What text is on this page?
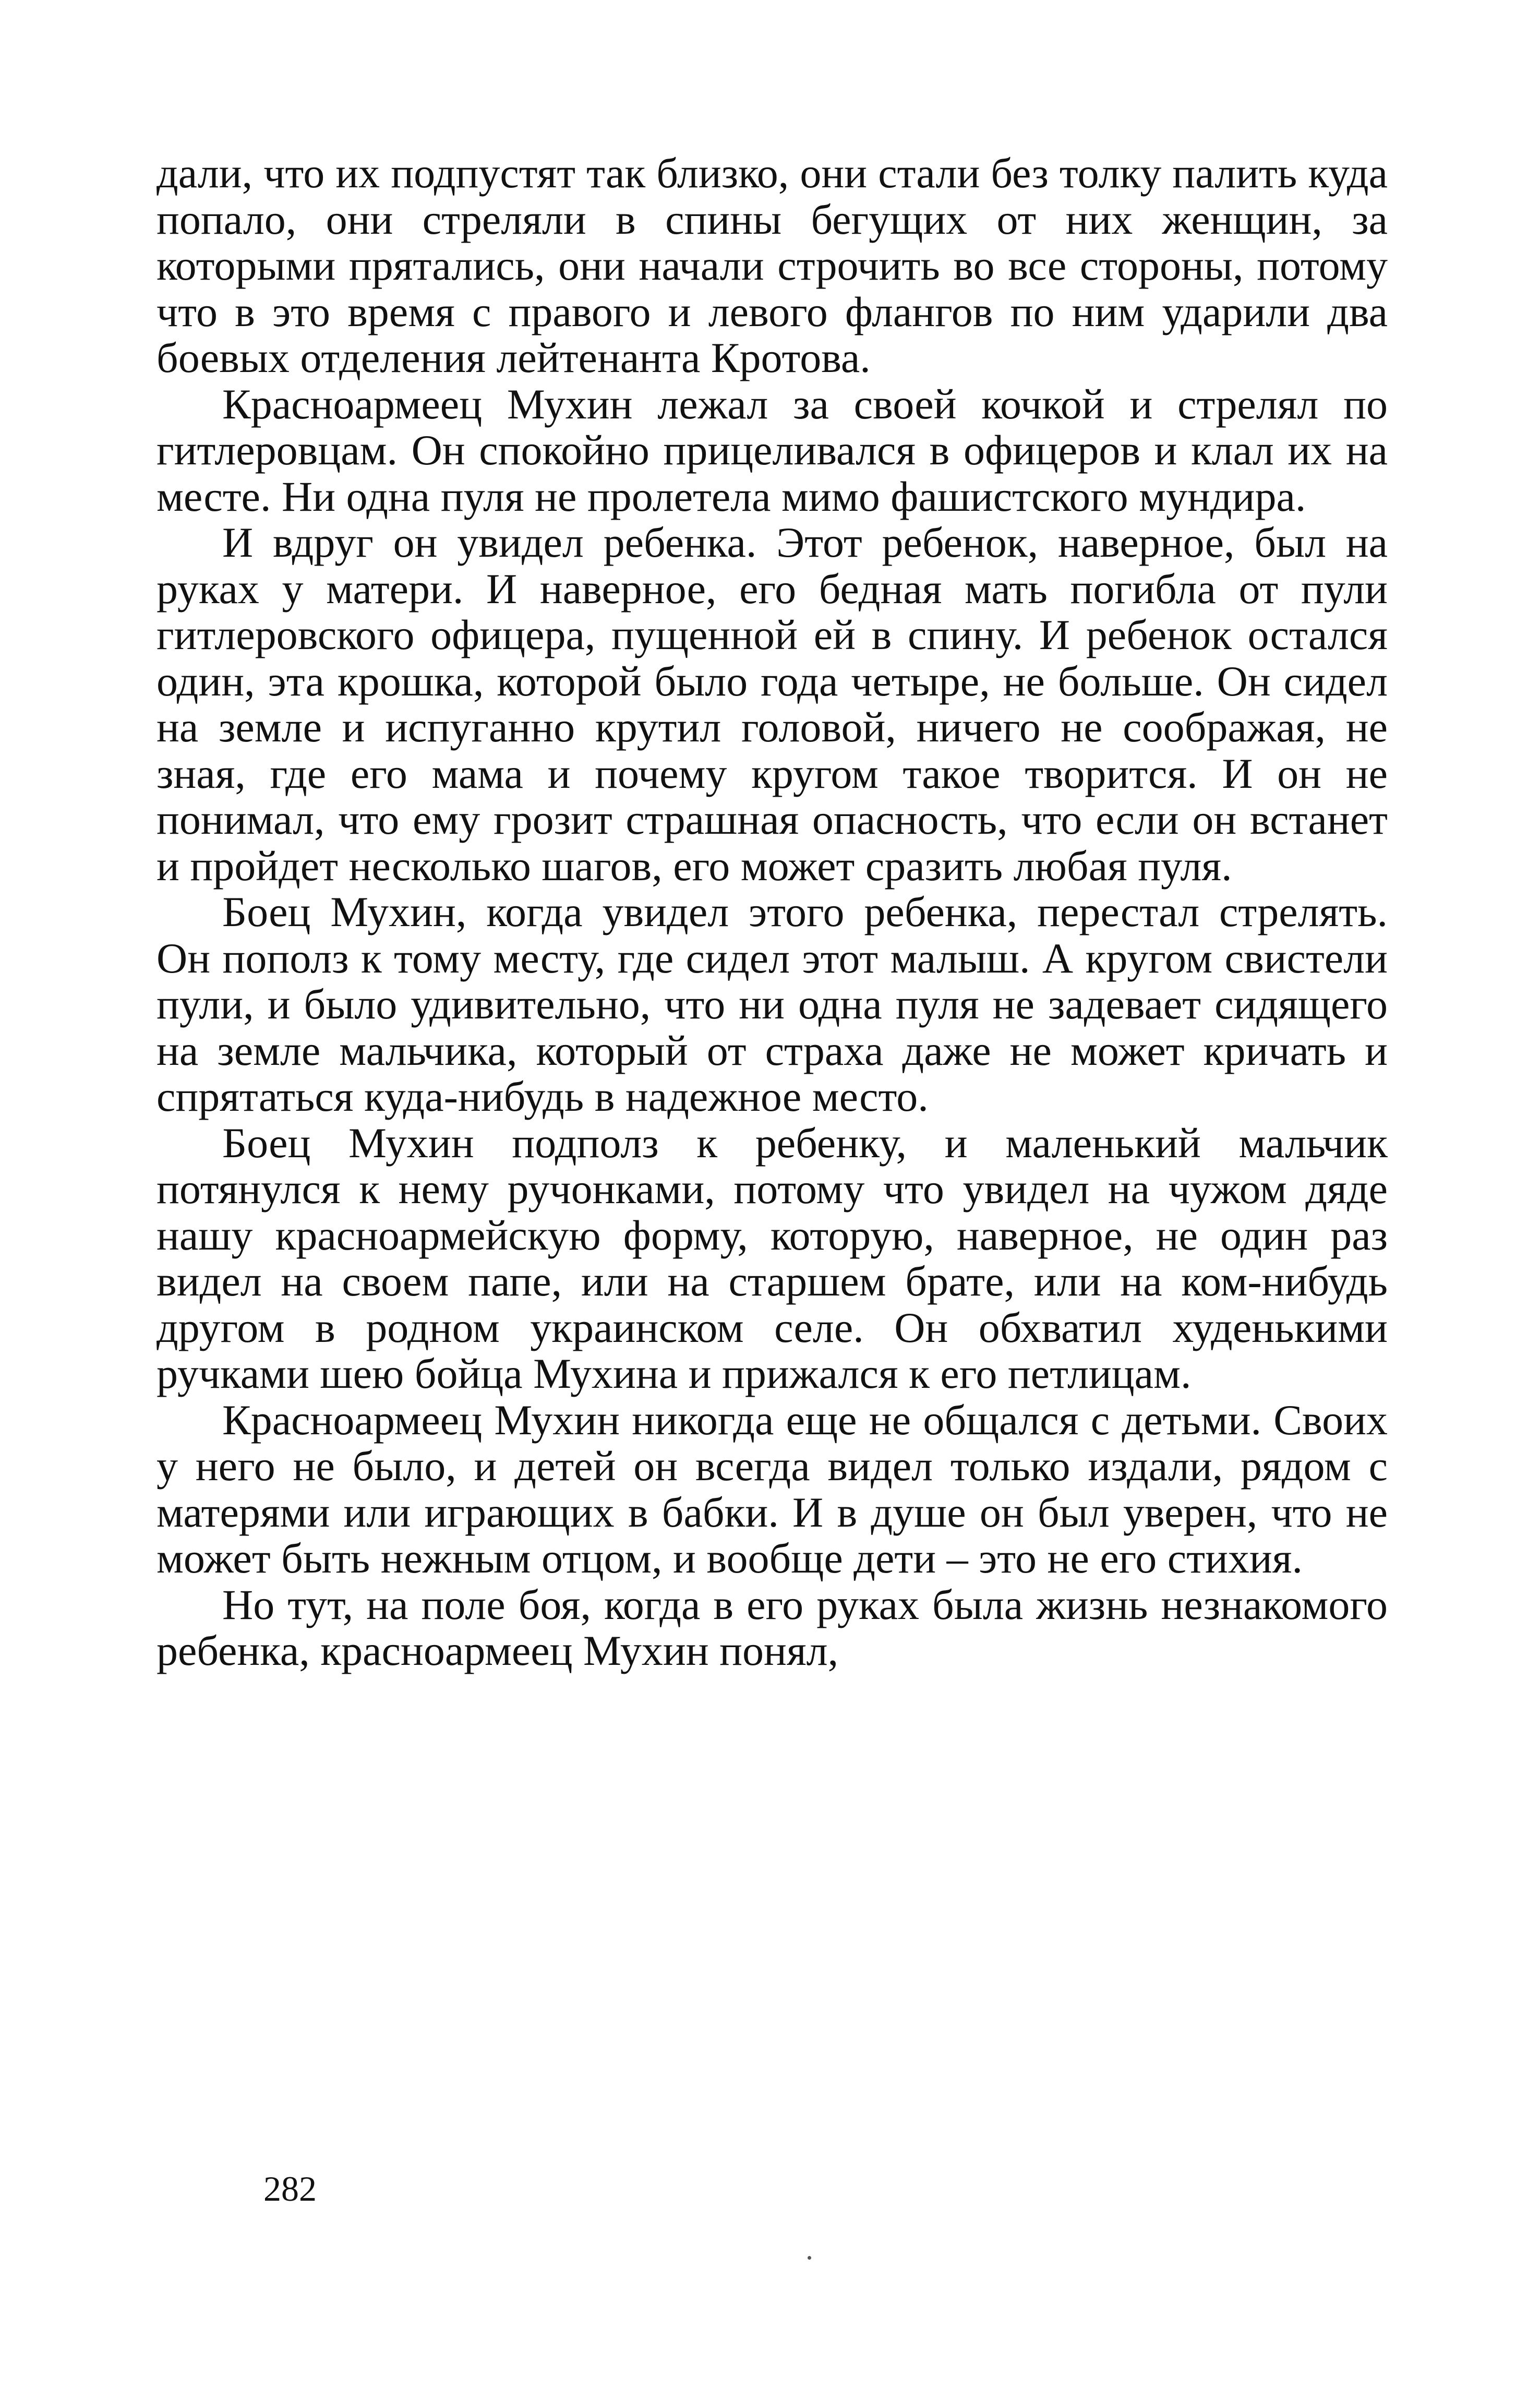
дали, что их подпустят так близко, они стали без толку палить куда попало, они стреляли в спины бегущих от них женщин, за которыми прятались, они начали строчить во все стороны, потому что в это время с правого и левого флангов по ним ударили два боевых отделения лейтенанта Кротова.

Красноармеец Мухин лежал за своей кочкой и стрелял по гитлеровцам. Он спокойно прицеливался в офицеров и клал их на месте. Ни одна пуля не пролетела мимо фашистского мундира.

И вдруг он увидел ребенка. Этот ребенок, наверное, был на руках у матери. И наверное, его бедная мать погибла от пули гитлеровского офицера, пущенной ей в спину. И ребенок остался один, эта крошка, которой было года четыре, не больше. Он сидел на земле и испуганно крутил головой, ничего не соображая, не зная, где его мама и почему кругом такое творится. И он не понимал, что ему грозит страшная опасность, что если он встанет и пройдет несколько шагов, его может сразить любая пуля.

Боец Мухин, когда увидел этого ребенка, перестал стрелять. Он пополз к тому месту, где сидел этот малыш. А кругом свистели пули, и было удивительно, что ни одна пуля не задевает сидящего на земле мальчика, который от страха даже не может кричать и спрятаться куда-нибудь в надежное место.

Боец Мухин подполз к ребенку, и маленький мальчик потянулся к нему ручонками, потому что увидел на чужом дяде нашу красноармейскую форму, которую, наверное, не один раз видел на своем папе, или на старшем брате, или на ком-нибудь другом в родном украинском селе. Он обхватил худенькими ручками шею бойца Мухина и прижался к его петлицам.

Красноармеец Мухин никогда еще не общался с детьми. Своих у него не было, и детей он всегда видел только издали, рядом с матерями или играющих в бабки. И в душе он был уверен, что не может быть нежным отцом, и вообще дети – это не его стихия.

Но тут, на поле боя, когда в его руках была жизнь незнакомого ребенка, красноармеец Мухин понял,

282
